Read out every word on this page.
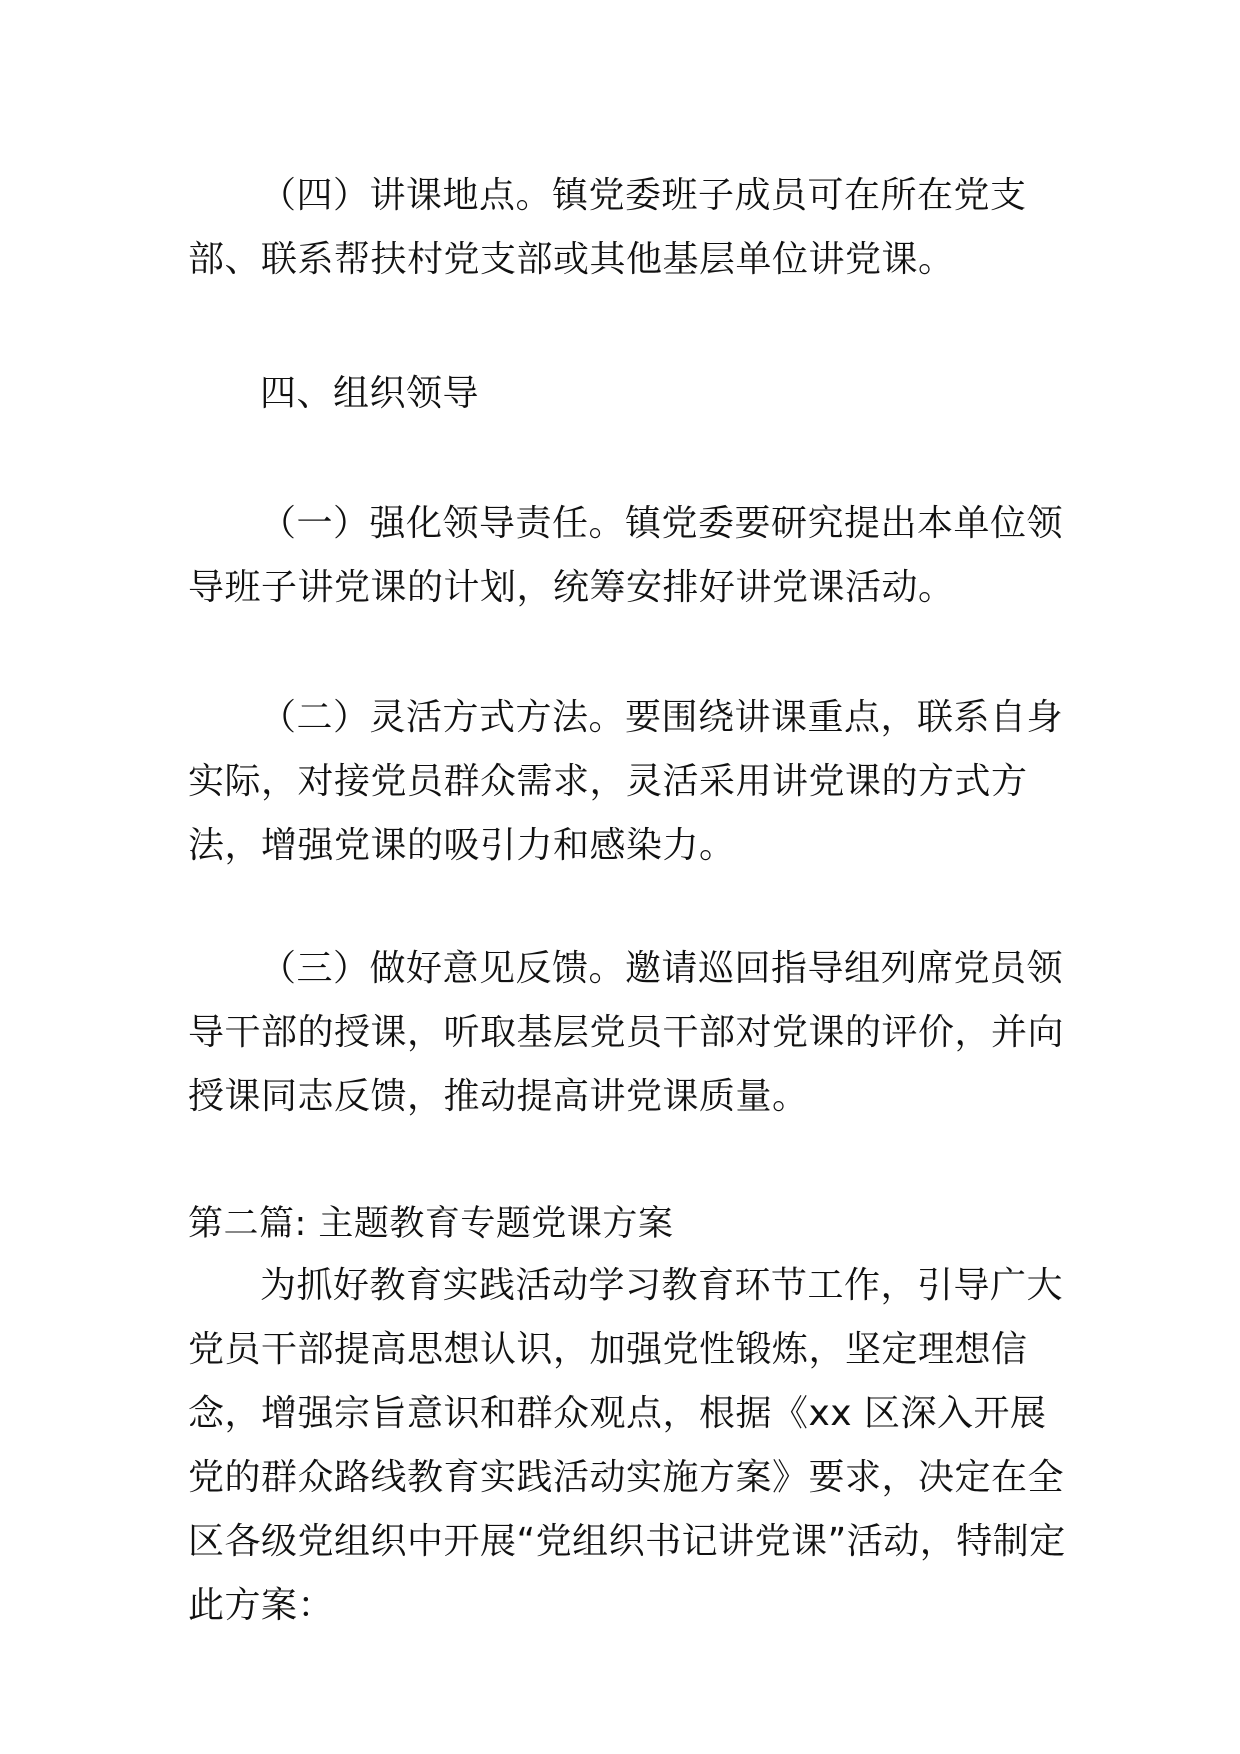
（四）讲课地点。镇党委班子成员可在所在党支部、联系帮扶村党支部或其他基层单位讲党课。

四、组织领导

（一）强化领导责任。镇党委要研究提出本单位领导班子讲党课的计划，统筹安排好讲党课活动。

（二）灵活方式方法。要围绕讲课重点，联系自身实际，对接党员群众需求，灵活采用讲党课的方式方法，增强党课的吸引力和感染力。

（三）做好意见反馈。邀请巡回指导组列席党员领导干部的授课，听取基层党员干部对党课的评价，并向授课同志反馈，推动提高讲党课质量。

第二篇: 主题教育专题党课方案

为抓好教育实践活动学习教育环节工作，引导广大党员干部提高思想认识，加强党性锻炼，坚定理想信念，增强宗旨意识和群众观点，根据《xx 区深入开展党的群众路线教育实践活动实施方案》要求，决定在全区各级党组织中开展“党组织书记讲党课”活动，特制定此方案：
